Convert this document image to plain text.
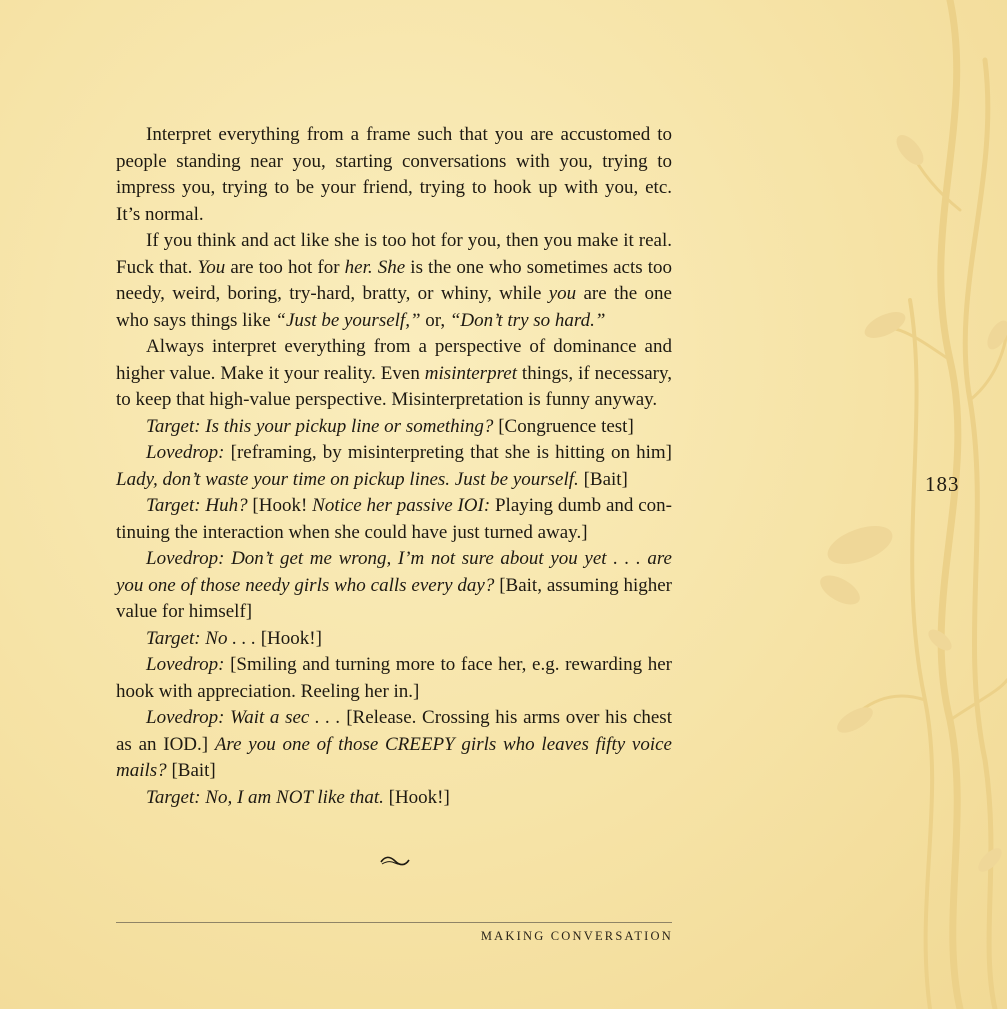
Interpret everything from a frame such that you are accustomed to people standing near you, starting conversations with you, trying to impress you, trying to be your friend, trying to hook up with you, etc. It’s normal.

If you think and act like she is too hot for you, then you make it real. Fuck that. You are too hot for her. She is the one who sometimes acts too needy, weird, boring, try-hard, bratty, or whiny, while you are the one who says things like “Just be yourself,” or, “Don’t try so hard.”

Always interpret everything from a perspective of dominance and higher value. Make it your reality. Even misinterpret things, if necessary, to keep that high-value perspective. Misinterpretation is funny anyway.

Target: Is this your pickup line or something? [Congruence test]

Lovedrop: [reframing, by misinterpreting that she is hitting on him] Lady, don’t waste your time on pickup lines. Just be yourself. [Bait]

Target: Huh? [Hook! Notice her passive IOI: Playing dumb and continuing the interaction when she could have just turned away.]

Lovedrop: Don’t get me wrong, I’m not sure about you yet . . . are you one of those needy girls who calls every day? [Bait, assuming higher value for himself]

Target: No . . . [Hook!]

Lovedrop: [Smiling and turning more to face her, e.g. rewarding her hook with appreciation. Reeling her in.]

Lovedrop: Wait a sec . . . [Release. Crossing his arms over his chest as an IOD.] Are you one of those CREEPY girls who leaves fifty voice mails? [Bait]

Target: No, I am NOT like that. [Hook!]

183
MAKING CONVERSATION
